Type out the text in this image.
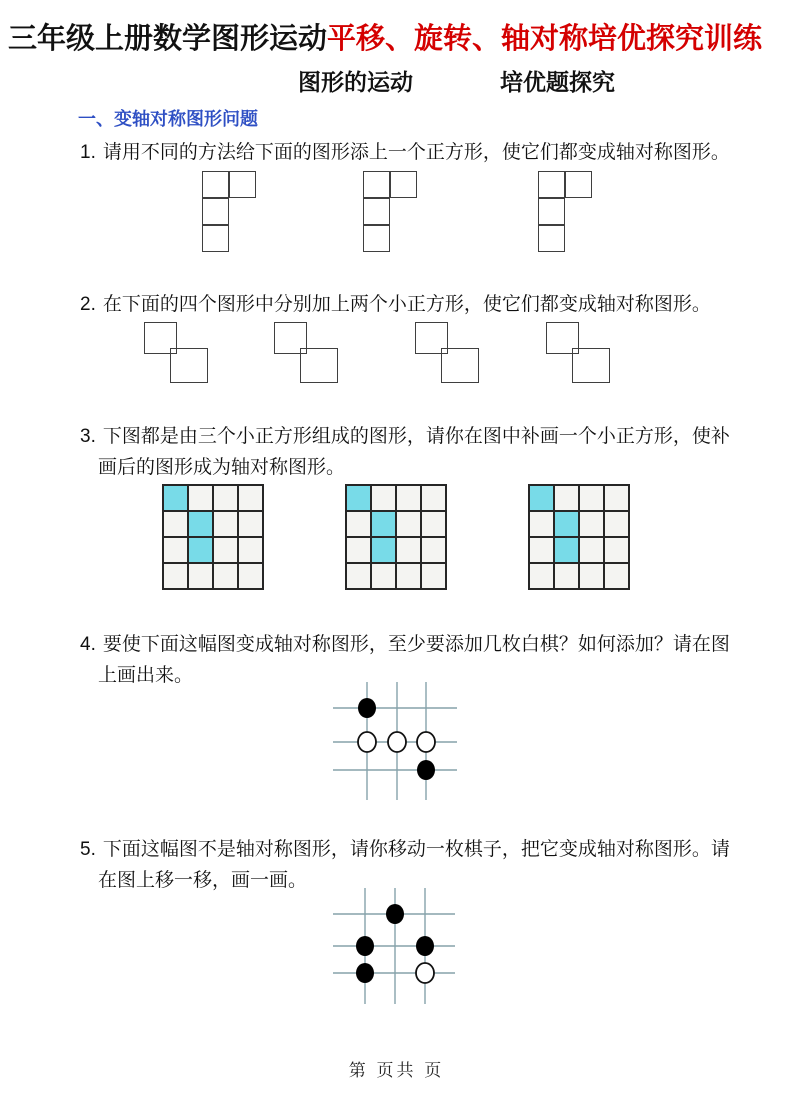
三年级上册数学图形运动平移、旋转、轴对称培优探究训练
图形的运动	培优题探究
一、变轴对称图形问题
1. 请用不同的方法给下面的图形添上一个正方形，使它们都变成轴对称图形。
2. 在下面的四个图形中分别加上两个小正方形，使它们都变成轴对称图形。
3. 下图都是由三个小正方形组成的图形，请你在图中补画一个小正方形，使补
画后的图形成为轴对称图形。
4. 要使下面这幅图变成轴对称图形，至少要添加几枚白棋？如何添加？请在图
上画出来。
5. 下面这幅图不是轴对称图形，请你移动一枚棋子，把它变成轴对称图形。请
在图上移一移，画一画。
第 页共 页
